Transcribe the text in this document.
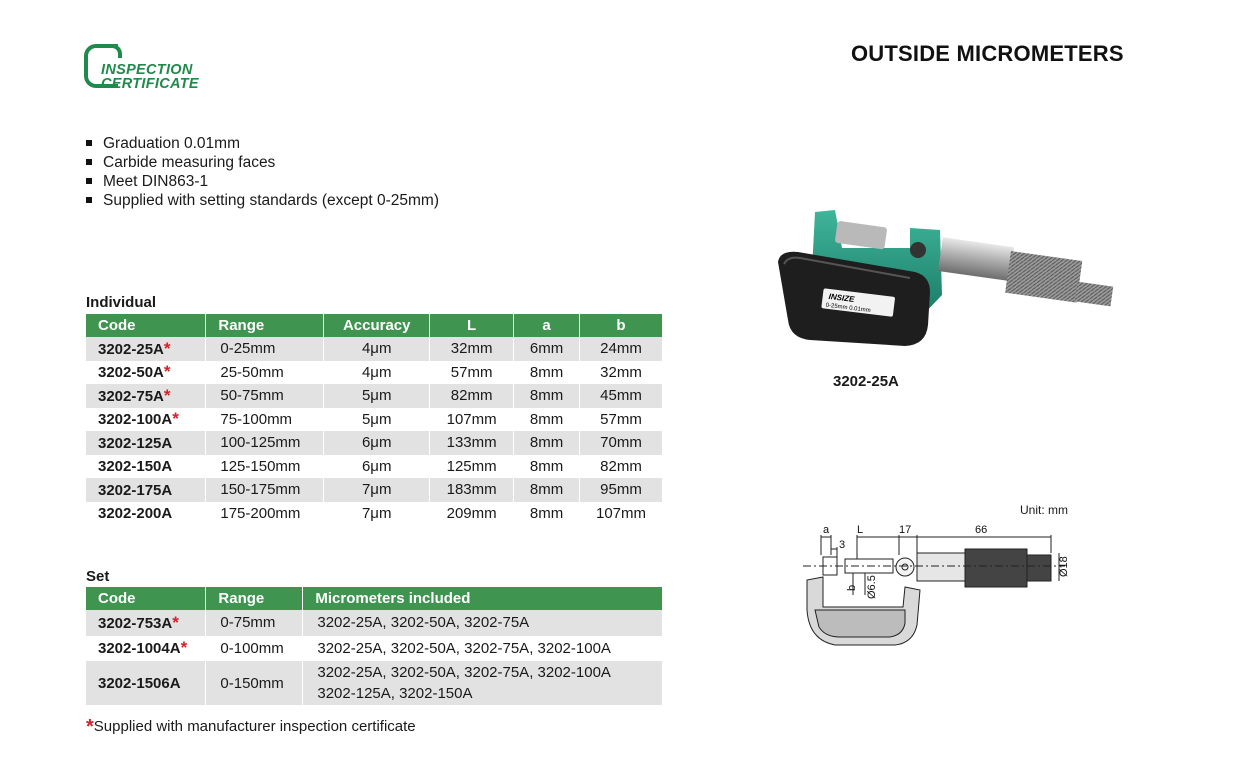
INSPECTION
CERTIFICATE
OUTSIDE MICROMETERS
Graduation 0.01mm
Carbide measuring faces
Meet DIN863-1
Supplied with setting standards (except 0-25mm)
Individual
Code	Range	Accuracy	L	a	b
3202-25A*	0-25mm	4μm	32mm	6mm	24mm
3202-50A*	25-50mm	4μm	57mm	8mm	32mm
3202-75A*	50-75mm	5μm	82mm	8mm	45mm
3202-100A*	75-100mm	5μm	107mm	8mm	57mm
3202-125A	100-125mm	6μm	133mm	8mm	70mm
3202-150A	125-150mm	6μm	125mm	8mm	82mm
3202-175A	150-175mm	7μm	183mm	8mm	95mm
3202-200A	175-200mm	7μm	209mm	8mm	107mm
Set
Code	Range	Micrometers included
3202-753A*	0-75mm	3202-25A, 3202-50A, 3202-75A

3202-1004A*	0-100mm	3202-25A, 3202-50A, 3202-75A, 3202-100A

3202-1506A	0-150mm	3202-25A, 3202-50A, 3202-75A, 3202-100A
3202-125A, 3202-150A
*Supplied with manufacturer inspection certificate
INSIZE
0-25mm 0.01mm
3202-25A
Unit: mm
a	L	17	66
3
b Ø6.5
Ø18
